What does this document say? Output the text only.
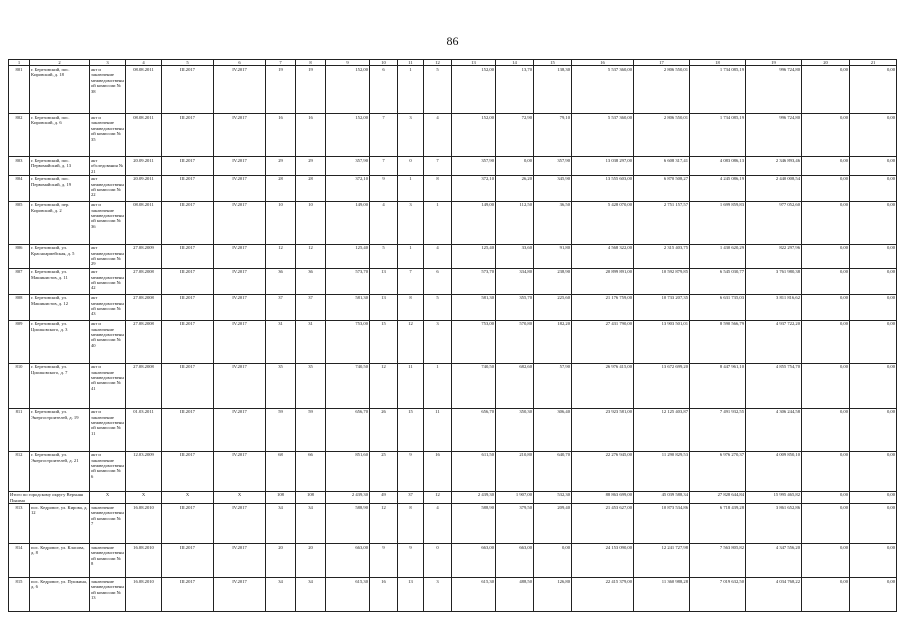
86
1	2	3	4	5	6	7	8	9	10	11	12	13	14	15	16	17	18	19	20	21
801	г. Березовский, пос. Кировский, д. 18	акт и заключение межведомственной комиссии № 38	08.08.2011	III.2017	IV.2017	19	19	152,00	6	1	5	152,00	13,70	138,30	5 537 360,00	2 806 550,01	1 734 085,19	996 724,80	0,00	0,00
802	г. Березовский, пос. Кировский, д. 6	акт и заключение межведомственной комиссии № 35	08.08.2011	III.2017	IV.2017	16	16	152,00	7	3	4	152,00	72,90	79,10	5 537 360,00	2 806 550,01	1 734 085,19	996 724,80	0,00	0,00
803	г. Березовский, пос. Первомайский, д. 13	акт обследования № 21	20.09.2011	III.2017	IV.2017	29	29	357,90	7	0	7	357,90	0,00	357,90	13 038 297,00	6 608 317,41	4 083 086,13	2 346 893,46	0,00	0,00
804	г. Березовский, пос. Первомайский, д. 19	акт межведомственной комиссии № 22	20.09.2011	III.2017	IV.2017	28	28	372,10	9	1	8	372,10	26,20	345,90	13 555 603,00	6 870 508,27	4 245 086,19	2 440 008,54	0,00	0,00
805	г. Березовский, пер. Кировский, д. 2	акт и заключение межведомственной комиссии № 36	08.08.2011	III.2017	IV.2017	10	10	149,00	4	3	1	149,00	112,50	36,50	5 428 070,00	2 751 157,57	1 699 859,83	977 052,60	0,00	0,00
806	г. Березовский, ул. Красноармейская, д. 5	акт межведомственной комиссии № 29	27.08.2009	III.2017	IV.2017	12	12	125,40	5	1	4	125,40	33,60	91,80	4 568 322,00	2 315 403,75	1 430 620,29	822 297,96	0,00	0,00
807	г. Березовский, ул. Машинистов, д. 11	акт межведомственной комиссии № 42	27.08.2008	III.2017	IV.2017	36	36	573,70	13	7	6	573,70	334,80	238,90	20 899 891,00	10 592 879,85	6 545 030,77	3 761 980,38	0,00	0,00
808	г. Березовский, ул. Машинистов, д. 12	акт межведомственной комиссии № 43	27.08.2008	III.2017	IV.2017	37	37	581,30	13	8	5	581,30	355,70	225,60	21 176 759,00	10 733 207,35	6 631 735,03	3 811 816,62	0,00	0,00
809	г. Березовский, ул. Циолковского, д. 3	акт и заключение межведомственной комиссии № 40	27.08.2008	III.2017	IV.2017	31	31	753,00	15	12	3	753,00	570,80	182,20	27 431 790,00	13 903 501,01	8 590 566,79	4 937 722,20	0,00	0,00
810	г. Березовский, ул. Циолковского, д. 7	акт и заключение межведомственной комиссии № 41	27.08.2008	III.2017	IV.2017	35	35	740,50	12	11	1	740,50	682,60	57,90	26 976 415,00	13 672 699,20	8 447 961,10	4 855 754,70	0,00	0,00
811	г. Березовский, ул. Энергостроителей, д. 19	акт и заключение межведомственной комиссии № 11	01.03.2011	III.2017	IV.2017	59	59	656,70	26	15	11	656,70	350,30	306,40	23 923 581,00	12 125 403,87	7 491 932,55	4 306 244,58	0,00	0,00
812	г. Березовский, ул. Энергостроителей, д. 21	акт и заключение межведомственной комиссии № 6	12.03.2009	III.2017	IV.2017	68	66	851,60	25	9	16	611,50	210,80	640,70	22 276 945,00	11 290 829,53	6 976 270,37	4 009 850,10	0,00	0,00
Итого по городскому округу Верхняя Пышма		X	X	X	X	108	108	2 439,30	49	37	12	2 439,30	1 907,00	532,30	88 863 699,00	45 039 588,34	27 828 644,84	15 995 465,82	0,00	0,00
813	пос. Кедровое, ул. Кирова, д. 12	заключение межведомственной комиссии № 7	16.08.2010	III.2017	IV.2017	34	34	588,90	12	8	4	588,90	379,50	209,40	21 453 627,00	10 873 534,86	6 718 439,28	3 861 652,86	0,00	0,00
814	пос. Кедровое, ул. Класова, д. 8	заключение межведомственной комиссии № 8	16.08.2010	III.2017	IV.2017	20	20	663,00	9	9	0	663,00	663,00	0,00	24 153 090,00	12 241 727,98	7 563 805,82	4 347 556,20	0,00	0,00
815	пос. Кедровое, ул. Пушкина, д. 6	заключение межведомственной комиссии № 13	16.08.2010	III.2017	IV.2017	34	34	615,30	16	13	3	615,30	488,50	126,80	22 415 379,00	11 360 988,28	7 019 632,50	4 034 768,22	0,00	0,00
